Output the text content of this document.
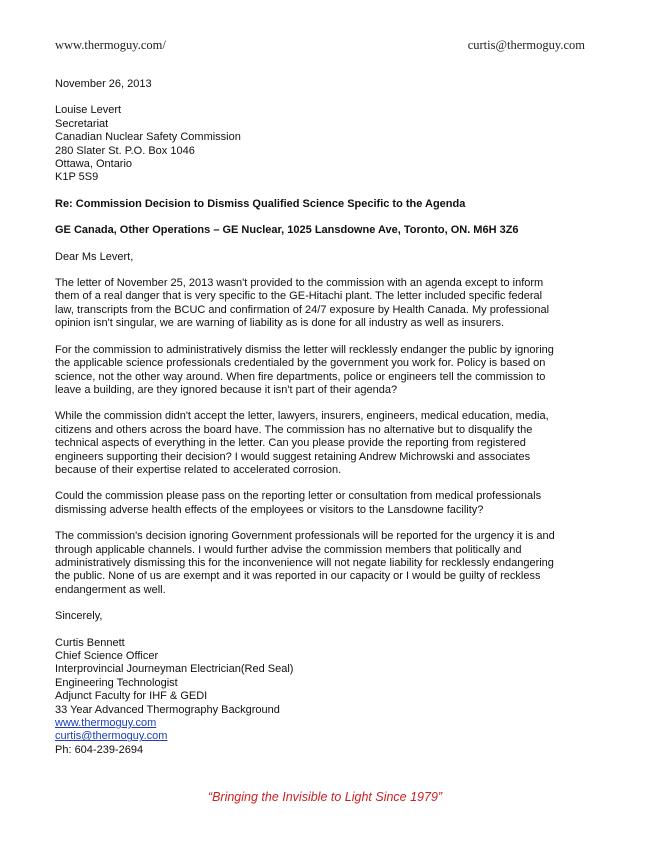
www.thermoguy.com/	curtis@thermoguy.com
November 26, 2013
Louise Levert
Secretariat
Canadian Nuclear Safety Commission
280 Slater St. P.O. Box 1046
Ottawa, Ontario
K1P 5S9
Re: Commission Decision to Dismiss Qualified Science Specific to the Agenda
GE Canada, Other Operations – GE Nuclear, 1025 Lansdowne Ave, Toronto, ON. M6H 3Z6
Dear Ms Levert,
The letter of November 25, 2013 wasn't provided to the commission with an agenda except to inform
them of a real danger that is very specific to the GE-Hitachi plant. The letter included specific federal
law, transcripts from the BCUC and confirmation of 24/7 exposure by Health Canada. My professional
opinion isn't singular, we are warning of liability as is done for all industry as well as insurers.
For the commission to administratively dismiss the letter will recklessly endanger the public by ignoring
the applicable science professionals credentialed by the government you work for. Policy is based on
science, not the other way around. When fire departments, police or engineers tell the commission to
leave a building, are they ignored because it isn't part of their agenda?
While the commission didn't accept the letter, lawyers, insurers, engineers, medical education, media,
citizens and others across the board have. The commission has no alternative but to disqualify the
technical aspects of everything in the letter. Can you please provide the reporting from registered
engineers supporting their decision? I would suggest retaining Andrew Michrowski and associates
because of their expertise related to accelerated corrosion.
Could the commission please pass on the reporting letter or consultation from medical professionals
dismissing adverse health effects of the employees or visitors to the Lansdowne facility?
The commission's decision ignoring Government professionals will be reported for the urgency it is and
through applicable channels. I would further advise the commission members that politically and
administratively dismissing this for the inconvenience will not negate liability for recklessly endangering
the public. None of us are exempt and it was reported in our capacity or I would be guilty of reckless
endangerment as well.
Sincerely,
Curtis Bennett
Chief Science Officer
Interprovincial Journeyman Electrician(Red Seal)
Engineering Technologist
Adjunct Faculty for IHF & GEDI
33 Year Advanced Thermography Background
www.thermoguy.com
curtis@thermoguy.com
Ph: 604-239-2694
“Bringing the Invisible to Light Since 1979”
